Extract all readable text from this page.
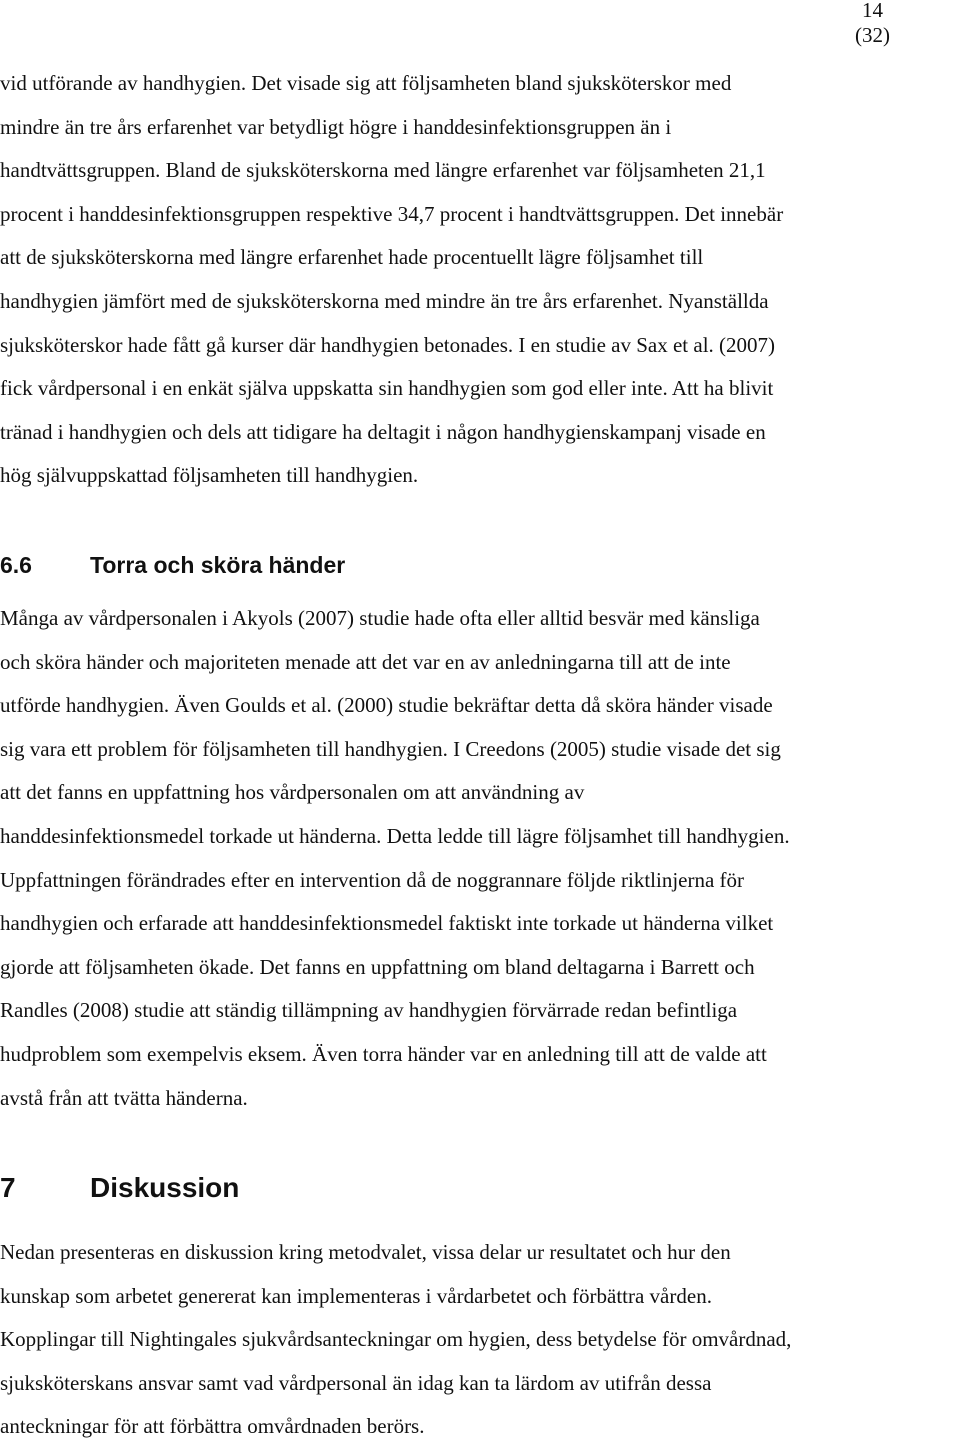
14
(32)
vid utförande av handhygien. Det visade sig att följsamheten bland sjuksköterskor med
mindre än tre års erfarenhet var betydligt högre i handdesinfektionsgruppen än i
handtvättsgruppen. Bland de sjuksköterskorna med längre erfarenhet var följsamheten 21,1
procent i handdesinfektionsgruppen respektive 34,7 procent i handtvättsgruppen. Det innebär
att de sjuksköterskorna med längre erfarenhet hade procentuellt lägre följsamhet till
handhygien jämfört med de sjuksköterskorna med mindre än tre års erfarenhet. Nyanställda
sjuksköterskor hade fått gå kurser där handhygien betonades. I en studie av Sax et al. (2007)
fick vårdpersonal i en enkät själva uppskatta sin handhygien som god eller inte. Att ha blivit
tränad i handhygien och dels att tidigare ha deltagit i någon handhygienskampanj visade en
hög självuppskattad följsamheten till handhygien.
6.6	Torra och sköra händer
Många av vårdpersonalen i Akyols (2007) studie hade ofta eller alltid besvär med känsliga
och sköra händer och majoriteten menade att det var en av anledningarna till att de inte
utförde handhygien. Även Goulds et al. (2000) studie bekräftar detta då sköra händer visade
sig vara ett problem för följsamheten till handhygien. I Creedons (2005) studie visade det sig
att det fanns en uppfattning hos vårdpersonalen om att användning av
handdesinfektionsmedel torkade ut händerna. Detta ledde till lägre följsamhet till handhygien.
Uppfattningen förändrades efter en intervention då de noggrannare följde riktlinjerna för
handhygien och erfarade att handdesinfektionsmedel faktiskt inte torkade ut händerna vilket
gjorde att följsamheten ökade. Det fanns en uppfattning om bland deltagarna i Barrett och
Randles (2008) studie att ständig tillämpning av handhygien förvärrade redan befintliga
hudproblem som exempelvis eksem. Även torra händer var en anledning till att de valde att
avstå från att tvätta händerna.
7	Diskussion
Nedan presenteras en diskussion kring metodvalet, vissa delar ur resultatet och hur den
kunskap som arbetet genererat kan implementeras i vårdarbetet och förbättra vården.
Kopplingar till Nightingales sjukvårdsanteckningar om hygien, dess betydelse för omvårdnad,
sjuksköterskans ansvar samt vad vårdpersonal än idag kan ta lärdom av utifrån dessa
anteckningar för att förbättra omvårdnaden berörs.
